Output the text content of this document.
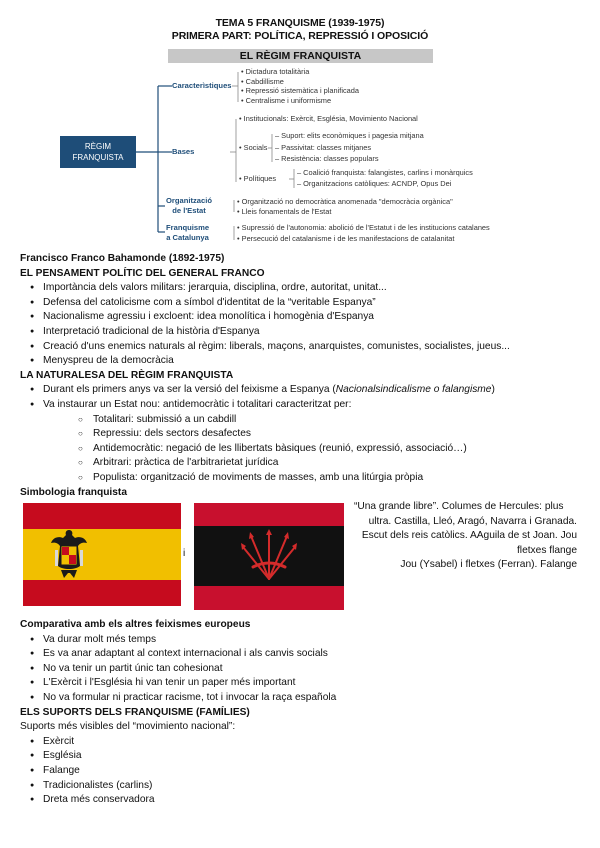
TEMA 5 FRANQUISME (1939-1975)
PRIMERA PART: POLÍTICA, REPRESSIÓ I OPOSICIÓ
EL RÈGIM FRANQUISTA
RÈGIM
FRANQUISTA
Caracterìstiques
• Dictadura totalitària
• Cabdillisme
• Repressió sistemàtica i planificada
• Centralisme i uniformisme
Bases
• Institucionals: Exèrcit, Església, Movimiento Nacional
• Socials
– Suport: elits econòmiques i pagesia mitjana
– Passivitat: classes mitjanes
– Resistència: classes populars
• Polítiques
– Coalició franquista: falangistes, carlins i monàrquics
– Organitzacions catòliques: ACNDP, Opus Dei
Organització
de l'Estat
• Organització no democràtica anomenada "democràcia orgànica"
• Lleis fonamentals de l'Estat
Franquisme
a Catalunya
• Supressió de l'autonomia: abolició de l'Estatut i de les institucions catalanes
• Persecució del catalanisme i de les manifestacions de catalanitat
Francisco Franco Bahamonde (1892-1975)
EL PENSAMENT POLÍTIC DEL GENERAL FRANCO
● Importància dels valors militars: jerarquia, disciplina, ordre, autoritat, unitat...
● Defensa del catolicisme com a símbol d'identitat de la “veritable Espanya”
● Nacionalisme agressiu i excloent: idea monolítica i homogènia d'Espanya
● Interpretació tradicional de la història d'Espanya
● Creació d'uns enemics naturals al règim: liberals, maçons, anarquistes, comunistes, socialistes, jueus...
● Menyspreu de la democràcia
LA NATURALESA DEL RÈGIM FRANQUISTA
● Durant els primers anys va ser la versió del feixisme a Espanya (Nacionalsindicalisme o falangisme)
● Va instaurar un Estat nou: antidemocràtic i totalitari caracteritzat per:
○ Totalitari: submissió a un cabdill
○ Repressiu: dels sectors desafectes
○ Antidemocràtic: negació de les llibertats bàsiques (reunió, expressió, associació…)
○ Arbitrari: pràctica de l'arbitrarietat jurídica
○ Populista: organització de moviments de masses, amb una litúrgia pròpia
Simbologia franquista
i
“Una grande libre”. Columes de Hercules: plus
ultra. Castilla, Lleó, Aragó, Navarra i Granada.
Escut dels reis catòlics. AAguila de st Joan. Jou
fletxes flange
Jou (Ysabel) i fletxes (Ferran). Falange
Comparativa amb els altres feixismes europeus
● Va durar molt més temps
● Es va anar adaptant al context internacional i als canvis socials
● No va tenir un partit únic tan cohesionat
● L'Exèrcit i l'Església hi van tenir un paper més important
● No va formular ni practicar racisme, tot i invocar la raça española
ELS SUPORTS DELS FRANQUISME (FAMÍLIES)
Suports més visibles del “movimiento nacional”:
● Exèrcit
● Església
● Falange
● Tradicionalistes (carlins)
● Dreta més conservadora
